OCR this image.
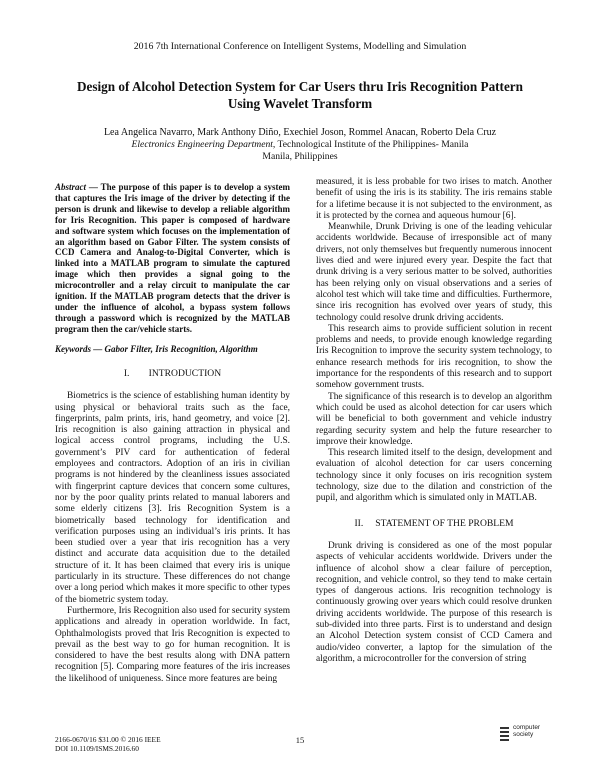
2016 7th International Conference on Intelligent Systems, Modelling and Simulation
Design of Alcohol Detection System for Car Users thru Iris Recognition Pattern
Using Wavelet Transform
Lea Angelica Navarro, Mark Anthony Diño, Exechiel Joson, Rommel Anacan, Roberto Dela Cruz
Electronics Engineering Department, Technological Institute of the Philippines- Manila
Manila, Philippines

Abstract — The purpose of this paper is to develop a system that captures the Iris image of the driver by detecting if the person is drunk and likewise to develop a reliable algorithm for Iris Recognition. This paper is composed of hardware and software system which focuses on the implementation of an algorithm based on Gabor Filter. The system consists of CCD Camera and Analog-to-Digital Converter, which is linked into a MATLAB program to simulate the captured image which then provides a signal going to the microcontroller and a relay circuit to manipulate the car ignition. If the MATLAB program detects that the driver is under the influence of alcohol, a bypass system follows through a password which is recognized by the MATLAB program then the car/vehicle starts.

Keywords — Gabor Filter, Iris Recognition, Algorithm

I. INTRODUCTION

Biometrics is the science of establishing human identity by using physical or behavioral traits such as the face, fingerprints, palm prints, iris, hand geometry, and voice [2]. Iris recognition is also gaining attraction in physical and logical access control programs, including the U.S. government’s PIV card for authentication of federal employees and contractors. Adoption of an iris in civilian programs is not hindered by the cleanliness issues associated with fingerprint capture devices that concern some cultures, nor by the poor quality prints related to manual laborers and some elderly citizens [3]. Iris Recognition System is a biometrically based technology for identification and verification purposes using an individual’s iris prints. It has been studied over a year that iris recognition has a very distinct and accurate data acquisition due to the detailed structure of it. It has been claimed that every iris is unique particularly in its structure. These differences do not change over a long period which makes it more specific to other types of the biometric system today.

Furthermore, Iris Recognition also used for security system applications and already in operation worldwide. In fact, Ophthalmologists proved that Iris Recognition is expected to prevail as the best way to go for human recognition. It is considered to have the best results along with DNA pattern recognition [5]. Comparing more features of the iris increases the likelihood of uniqueness. Since more features are being

measured, it is less probable for two irises to match. Another benefit of using the iris is its stability. The iris remains stable for a lifetime because it is not subjected to the environment, as it is protected by the cornea and aqueous humour [6].

Meanwhile, Drunk Driving is one of the leading vehicular accidents worldwide. Because of irresponsible act of many drivers, not only themselves but frequently numerous innocent lives died and were injured every year. Despite the fact that drunk driving is a very serious matter to be solved, authorities has been relying only on visual observations and a series of alcohol test which will take time and difficulties. Furthermore, since iris recognition has evolved over years of study, this technology could resolve drunk driving accidents.

This research aims to provide sufficient solution in recent problems and needs, to provide enough knowledge regarding Iris Recognition to improve the security system technology, to enhance research methods for iris recognition, to show the importance for the respondents of this research and to support somehow government trusts.

The significance of this research is to develop an algorithm which could be used as alcohol detection for car users which will be beneficial to both government and vehicle industry regarding security system and help the future researcher to improve their knowledge.

This research limited itself to the design, development and evaluation of alcohol detection for car users concerning technology since it only focuses on iris recognition system technology, size due to the dilation and constriction of the pupil, and algorithm which is simulated only in MATLAB.

II. STATEMENT OF THE PROBLEM

Drunk driving is considered as one of the most popular aspects of vehicular accidents worldwide. Drivers under the influence of alcohol show a clear failure of perception, recognition, and vehicle control, so they tend to make certain types of dangerous actions. Iris recognition technology is continuously growing over years which could resolve drunken driving accidents worldwide. The purpose of this research is sub-divided into three parts. First is to understand and design an Alcohol Detection system consist of CCD Camera and audio/video converter, a laptop for the simulation of the algorithm, a microcontroller for the conversion of string

2166-0670/16 $31.00 © 2016 IEEE
DOI 10.1109/ISMS.2016.60
15
computer
society
